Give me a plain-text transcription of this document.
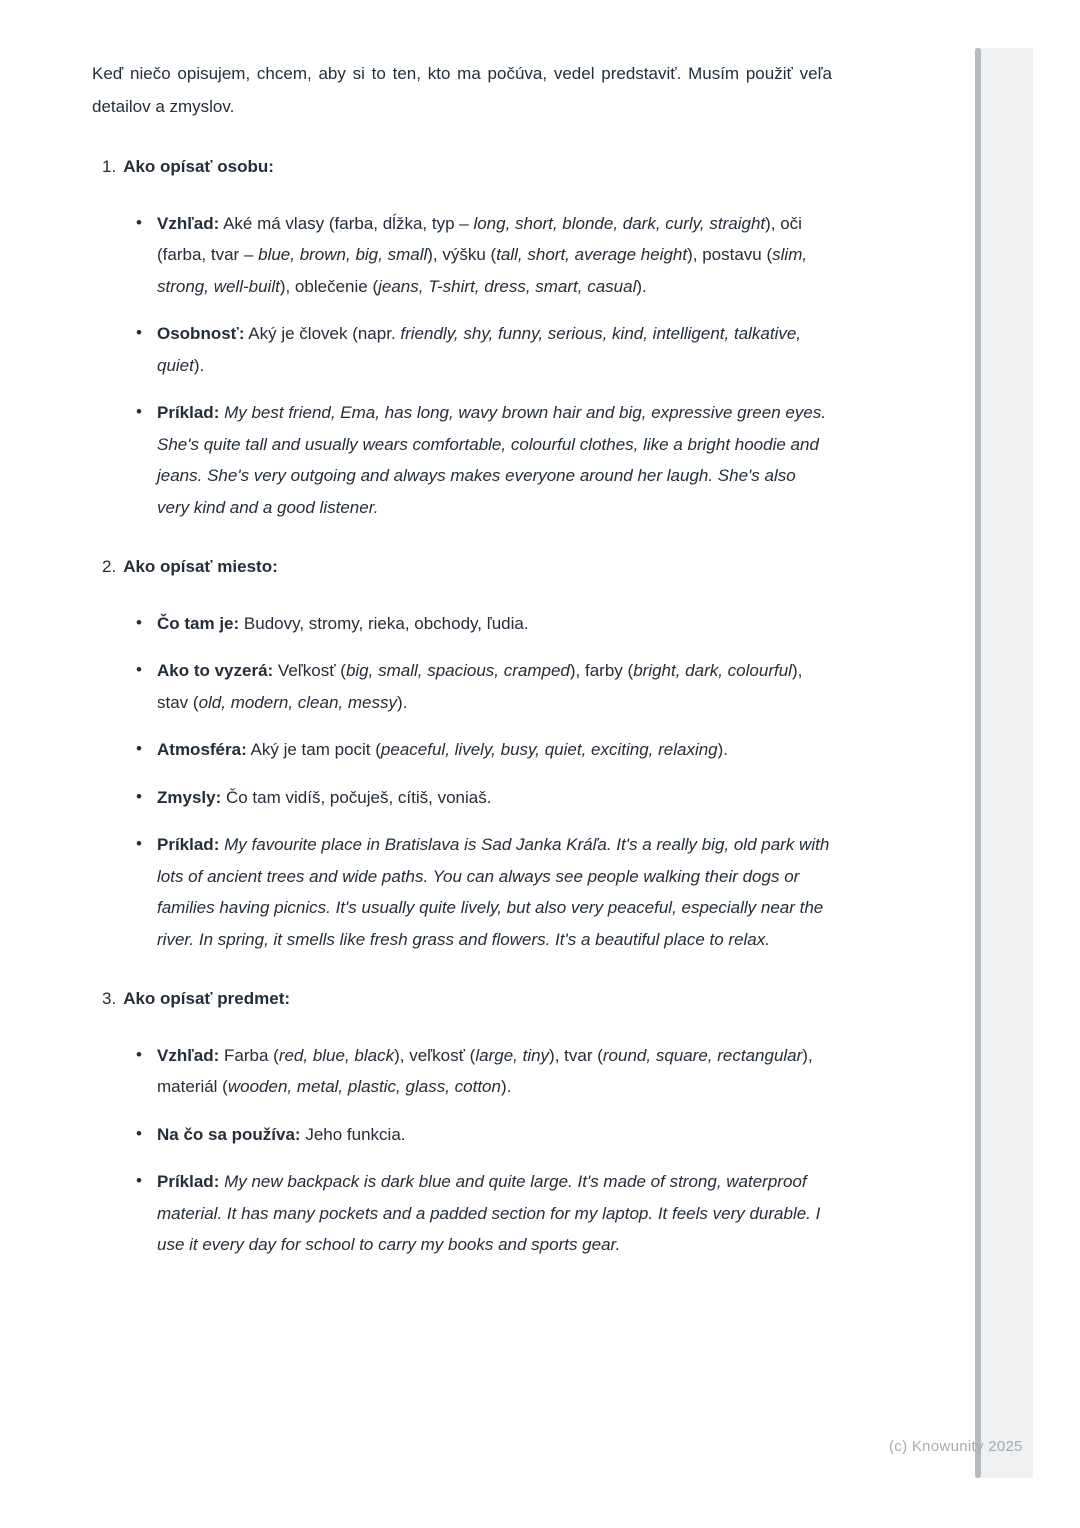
Keď niečo opisujem, chcem, aby si to ten, kto ma počúva, vedel predstaviť. Musím použiť veľa detailov a zmyslov.

1. Ako opísať osobu:
• Vzhľad: Aké má vlasy (farba, dĺžka, typ – long, short, blonde, dark, curly, straight), oči (farba, tvar – blue, brown, big, small), výšku (tall, short, average height), postavu (slim, strong, well-built), oblečenie (jeans, T-shirt, dress, smart, casual).

• Osobnosť: Aký je človek (napr. friendly, shy, funny, serious, kind, intelligent, talkative, quiet).

• Príklad: My best friend, Ema, has long, wavy brown hair and big, expressive green eyes. She's quite tall and usually wears comfortable, colourful clothes, like a bright hoodie and jeans. She's very outgoing and always makes everyone around her laugh. She's also very kind and a good listener.

2. Ako opísať miesto:
• Čo tam je: Budovy, stromy, rieka, obchody, ľudia.

• Ako to vyzerá: Veľkosť (big, small, spacious, cramped), farby (bright, dark, colourful), stav (old, modern, clean, messy).

• Atmosféra: Aký je tam pocit (peaceful, lively, busy, quiet, exciting, relaxing).

• Zmysly: Čo tam vidíš, počuješ, cítiš, voniaš.

• Príklad: My favourite place in Bratislava is Sad Janka Kráľa. It's a really big, old park with lots of ancient trees and wide paths. You can always see people walking their dogs or families having picnics. It's usually quite lively, but also very peaceful, especially near the river. In spring, it smells like fresh grass and flowers. It's a beautiful place to relax.

3. Ako opísať predmet:
• Vzhľad: Farba (red, blue, black), veľkosť (large, tiny), tvar (round, square, rectangular), materiál (wooden, metal, plastic, glass, cotton).

• Na čo sa používa: Jeho funkcia.

• Príklad: My new backpack is dark blue and quite large. It's made of strong, waterproof material. It has many pockets and a padded section for my laptop. It feels very durable. I use it every day for school to carry my books and sports gear.

(c) Knowunity 2025
